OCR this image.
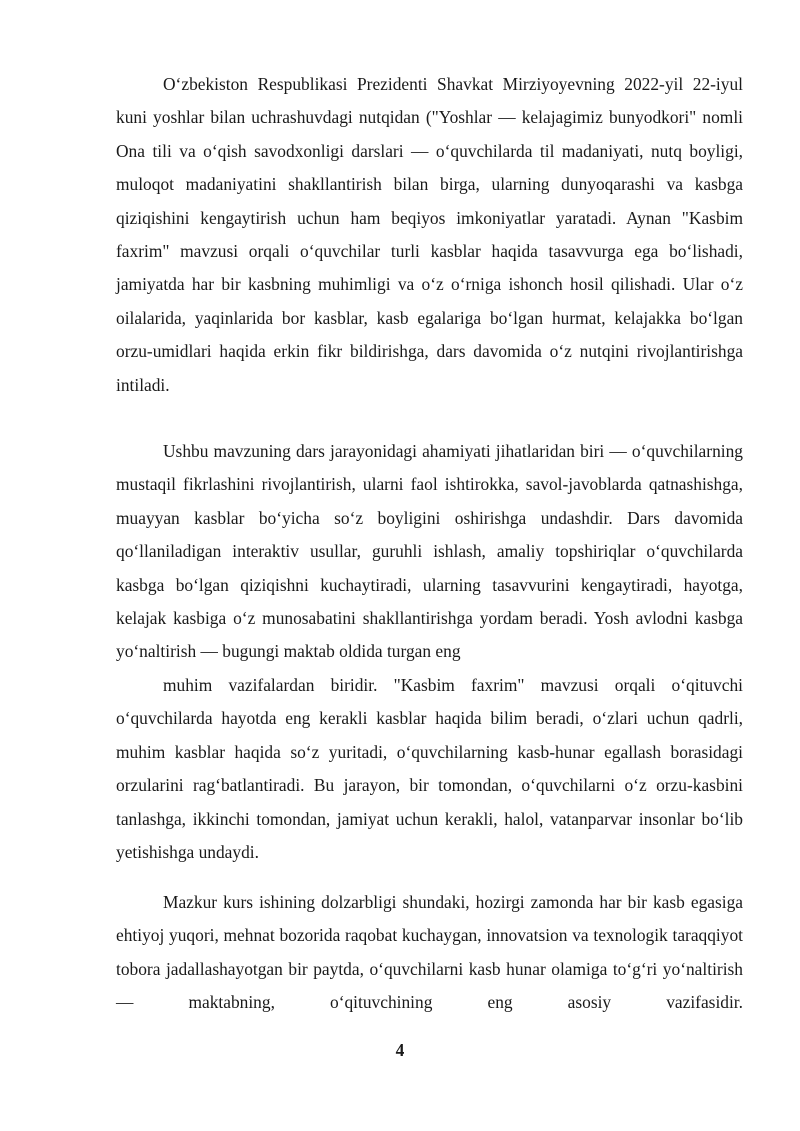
O‘zbekiston Respublikasi Prezidenti Shavkat Mirziyoyevning 2022-yil 22-iyul kuni yoshlar bilan uchrashuvdagi nutqidan ("Yoshlar — kelajagimiz bunyodkori" nomli Ona tili va o‘qish savodxonligi darslari — o‘quvchilarda til madaniyati, nutq boyligi, muloqot madaniyatini shakllantirish bilan birga, ularning dunyoqarashi va kasbga qiziqishini kengaytirish uchun ham beqiyos imkoniyatlar yaratadi. Aynan "Kasbim faxrim" mavzusi orqali o‘quvchilar turli kasblar haqida tasavvurga ega bo‘lishadi, jamiyatda har bir kasbning muhimligi va o‘z o‘rniga ishonch hosil qilishadi. Ular o‘z oilalarida, yaqinlarida bor kasblar, kasb egalariga bo‘lgan hurmat, kelajakka bo‘lgan orzu-umidlari haqida erkin fikr bildirishga, dars davomida o‘z nutqini rivojlantirishga intiladi.

Ushbu mavzuning dars jarayonidagi ahamiyati jihatlaridan biri — o‘quvchilarning mustaqil fikrlashini rivojlantirish, ularni faol ishtirokka, savol-javoblarda qatnashishga, muayyan kasblar bo‘yicha so‘z boyligini oshirishga undashdir. Dars davomida qo‘llaniladigan interaktiv usullar, guruhli ishlash, amaliy topshiriqlar o‘quvchilarda kasbga bo‘lgan qiziqishni kuchaytiradi, ularning tasavvurini kengaytiradi, hayotga, kelajak kasbiga o‘z munosabatini shakllantirishga yordam beradi. Yosh avlodni kasbga yo‘naltirish — bugungi maktab oldida turgan eng

muhim vazifalardan biridir. "Kasbim faxrim" mavzusi orqali o‘qituvchi o‘quvchilarda hayotda eng kerakli kasblar haqida bilim beradi, o‘zlari uchun qadrli, muhim kasblar haqida so‘z yuritadi, o‘quvchilarning kasb-hunar egallash borasidagi orzularini rag‘batlantiradi. Bu jarayon, bir tomondan, o‘quvchilarni o‘z orzu-kasbini tanlashga, ikkinchi tomondan, jamiyat uchun kerakli, halol, vatanparvar insonlar bo‘lib yetishishga undaydi.

Mazkur kurs ishining dolzarbligi shundaki, hozirgi zamonda har bir kasb egasiga ehtiyoj yuqori, mehnat bozorida raqobat kuchaygan, innovatsion va texnologik taraqqiyot tobora jadallashayotgan bir paytda, o‘quvchilarni kasb hunar olamiga to‘g‘ri yo‘naltirish — maktabning, o‘qituvchining eng asosiy vazifasidir.

4
